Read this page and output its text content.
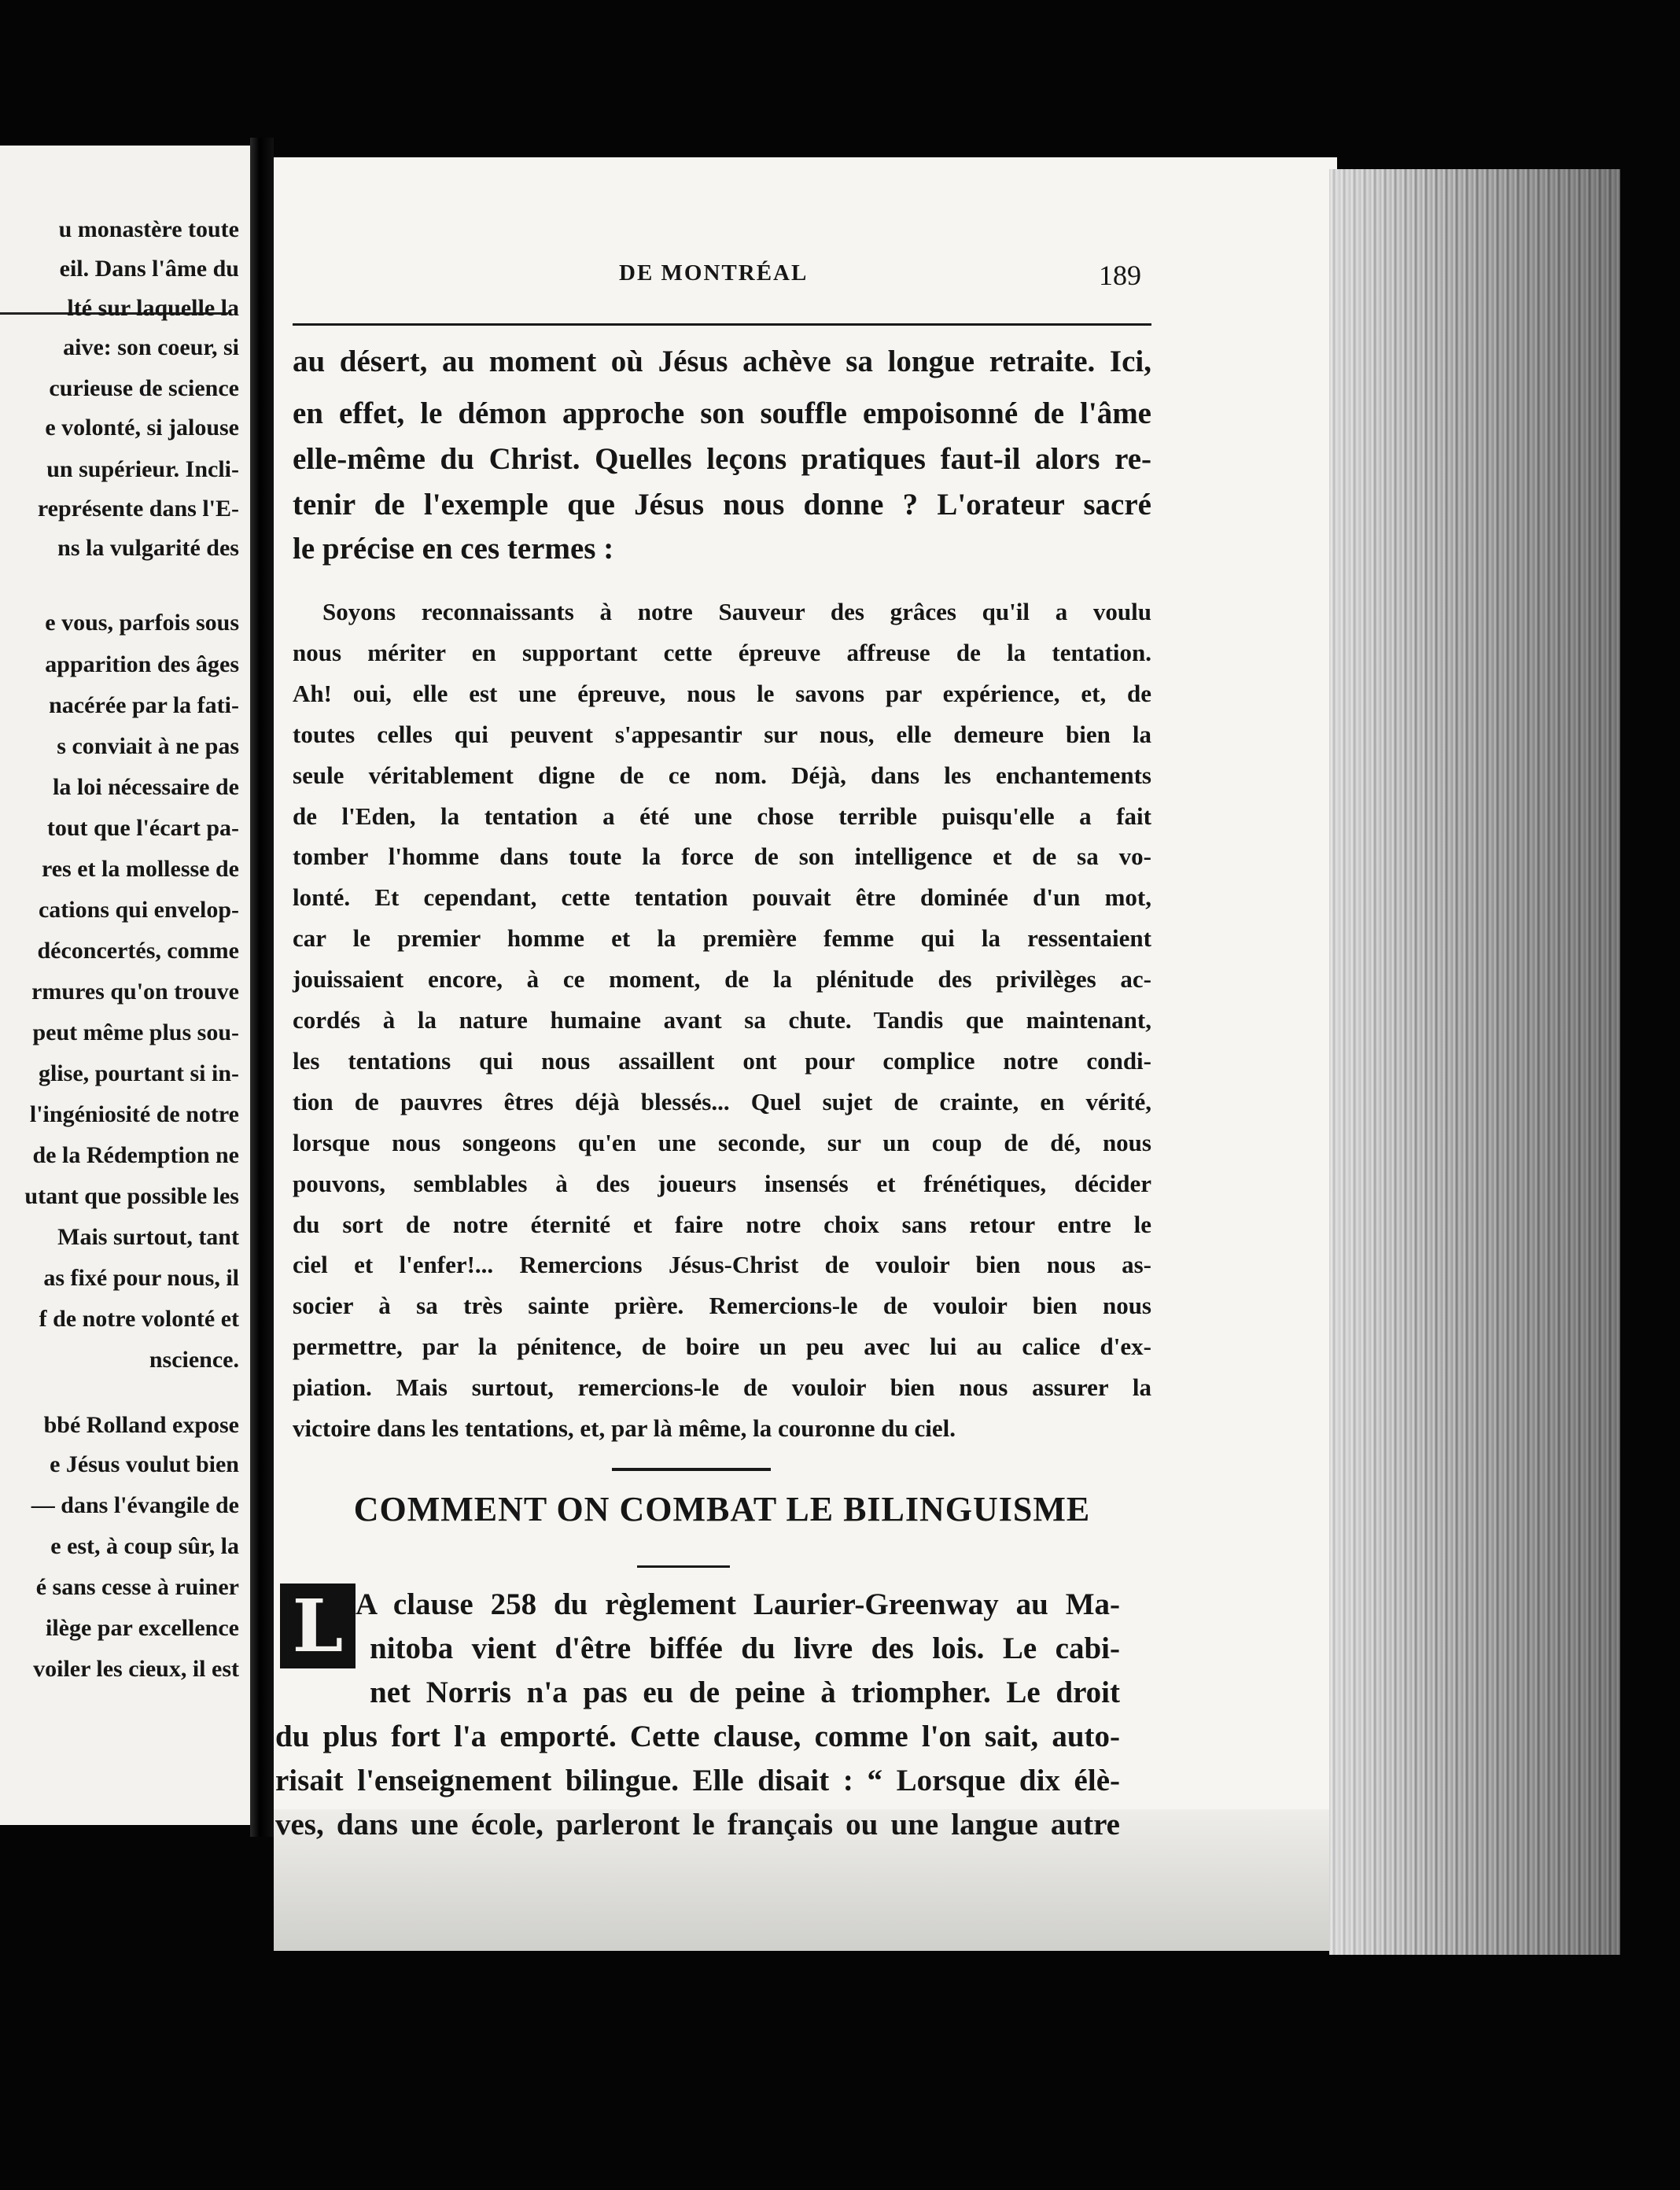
u monastère toute
eil. Dans l'âme du
lté sur laquelle la
aive: son coeur, si
curieuse de science
e volonté, si jalouse
un supérieur. Incli-
représente dans l'E-
ns la vulgarité des
e vous, parfois sous
apparition des âges
nacérée par la fati-
s conviait à ne pas
la loi nécessaire de
tout que l'écart pa-
res et la mollesse de
cations qui envelop-
déconcertés, comme
rmures qu'on trouve
peut même plus sou-
glise, pourtant si in-
l'ingéniosité de notre
de la Rédemption ne
utant que possible les
Mais surtout, tant
as fixé pour nous, il
f de notre volonté et
nscience.
bbé Rolland expose
e Jésus voulut bien
— dans l'évangile de
e est, à coup sûr, la
é sans cesse à ruiner
ilège par excellence
voiler les cieux, il est
DE MONTRÉAL	189

au désert, au moment où Jésus achève sa longue retraite. Ici,

en effet, le démon approche son souffle empoisonné de l'âme

elle-même du Christ. Quelles leçons pratiques faut-il alors re-

tenir de l'exemple que Jésus nous donne ? L'orateur sacré

le précise en ces termes :

Soyons reconnaissants à notre Sauveur des grâces qu'il a voulu

nous mériter en supportant cette épreuve affreuse de la tentation.

Ah! oui, elle est une épreuve, nous le savons par expérience, et, de

toutes celles qui peuvent s'appesantir sur nous, elle demeure bien la

seule véritablement digne de ce nom. Déjà, dans les enchantements

de l'Eden, la tentation a été une chose terrible puisqu'elle a fait

tomber l'homme dans toute la force de son intelligence et de sa vo-

lonté. Et cependant, cette tentation pouvait être dominée d'un mot,

car le premier homme et la première femme qui la ressentaient

jouissaient encore, à ce moment, de la plénitude des privilèges ac-

cordés à la nature humaine avant sa chute. Tandis que maintenant,

les tentations qui nous assaillent ont pour complice notre condi-

tion de pauvres êtres déjà blessés... Quel sujet de crainte, en vérité,

lorsque nous songeons qu'en une seconde, sur un coup de dé, nous

pouvons, semblables à des joueurs insensés et frénétiques, décider

du sort de notre éternité et faire notre choix sans retour entre le

ciel et l'enfer!... Remercions Jésus-Christ de vouloir bien nous as-

socier à sa très sainte prière. Remercions-le de vouloir bien nous

permettre, par la pénitence, de boire un peu avec lui au calice d'ex-

piation. Mais surtout, remercions-le de vouloir bien nous assurer la

victoire dans les tentations, et, par là même, la couronne du ciel.

COMMENT ON COMBAT LE BILINGUISME
L A clause 258 du règlement Laurier-Greenway au Ma-

nitoba vient d'être biffée du livre des lois. Le cabi-

net Norris n'a pas eu de peine à triompher. Le droit

du plus fort l'a emporté. Cette clause, comme l'on sait, auto-

risait l'enseignement bilingue. Elle disait : “ Lorsque dix élè-

ves, dans une école, parleront le français ou une langue autre
